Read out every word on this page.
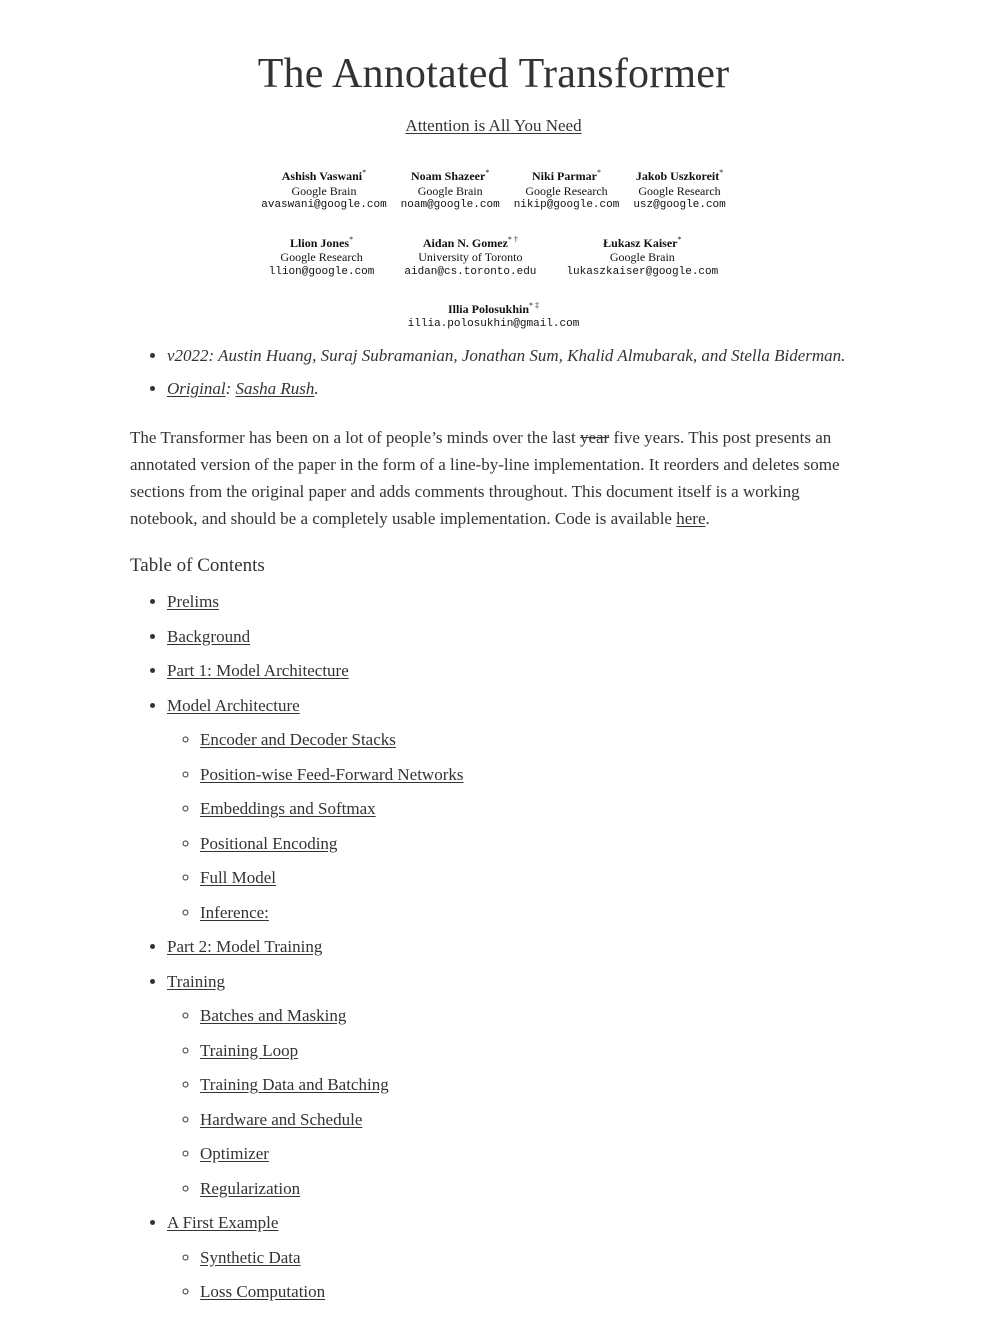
The Annotated Transformer
Attention is All You Need
Ashish Vaswani*
Google Brain
avaswani@google.com
Noam Shazeer*
Google Brain
noam@google.com
Niki Parmar*
Google Research
nikip@google.com
Jakob Uszkoreit*
Google Research
usz@google.com
Llion Jones*
Google Research
llion@google.com
Aidan N. Gomez* †
University of Toronto
aidan@cs.toronto.edu
Łukasz Kaiser*
Google Brain
lukaszkaiser@google.com
Illia Polosukhin* ‡
illia.polosukhin@gmail.com
• v2022: Austin Huang, Suraj Subramanian, Jonathan Sum, Khalid Almubarak, and Stella Biderman.
• Original: Sasha Rush.

The Transformer has been on a lot of people’s minds over the last year five years. This post presents an annotated version of the paper in the form of a line-by-line implementation. It reorders and deletes some sections from the original paper and adds comments throughout. This document itself is a working notebook, and should be a completely usable implementation. Code is available here.

Table of Contents
• Prelims
• Background
• Part 1: Model Architecture
• Model Architecture
◦ Encoder and Decoder Stacks
◦ Position-wise Feed-Forward Networks
◦ Embeddings and Softmax
◦ Positional Encoding
◦ Full Model
◦ Inference:
• Part 2: Model Training
• Training
◦ Batches and Masking
◦ Training Loop
◦ Training Data and Batching
◦ Hardware and Schedule
◦ Optimizer
◦ Regularization
• A First Example
◦ Synthetic Data
◦ Loss Computation
